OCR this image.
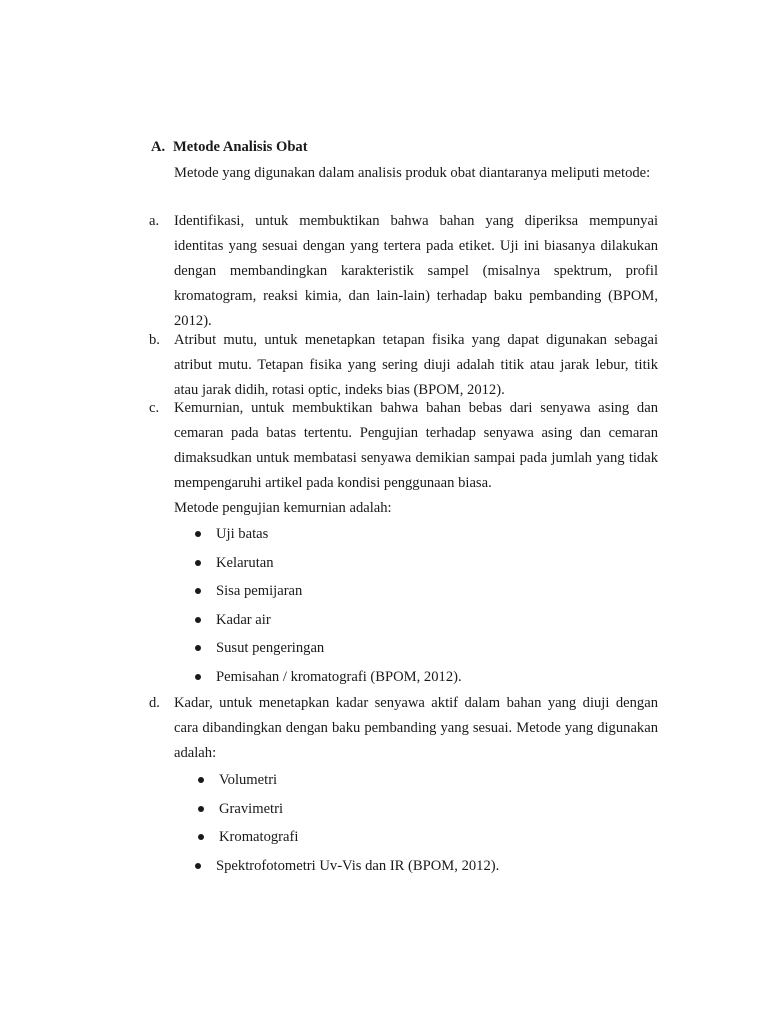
A. Metode Analisis Obat

Metode yang digunakan dalam analisis produk obat diantaranya meliputi metode:

a. Identifikasi, untuk membuktikan bahwa bahan yang diperiksa mempunyai identitas yang sesuai dengan yang tertera pada etiket. Uji ini biasanya dilakukan dengan membandingkan karakteristik sampel (misalnya spektrum, profil kromatogram, reaksi kimia, dan lain-lain) terhadap baku pembanding (BPOM, 2012).

b. Atribut mutu, untuk menetapkan tetapan fisika yang dapat digunakan sebagai atribut mutu. Tetapan fisika yang sering diuji adalah titik atau jarak lebur, titik atau jarak didih, rotasi optic, indeks bias (BPOM, 2012).

c. Kemurnian, untuk membuktikan bahwa bahan bebas dari senyawa asing dan cemaran pada batas tertentu. Pengujian terhadap senyawa asing dan cemaran dimaksudkan untuk membatasi senyawa demikian sampai pada jumlah yang tidak mempengaruhi artikel pada kondisi penggunaan biasa.

Metode pengujian kemurnian adalah:
Uji batas
Kelarutan
Sisa pemijaran
Kadar air
Susut pengeringan
Pemisahan / kromatografi (BPOM, 2012).
d. Kadar, untuk menetapkan kadar senyawa aktif dalam bahan yang diuji dengan cara dibandingkan dengan baku pembanding yang sesuai. Metode yang digunakan adalah:

Volumetri
Gravimetri
Kromatografi
Spektrofotometri Uv-Vis dan IR (BPOM, 2012).
